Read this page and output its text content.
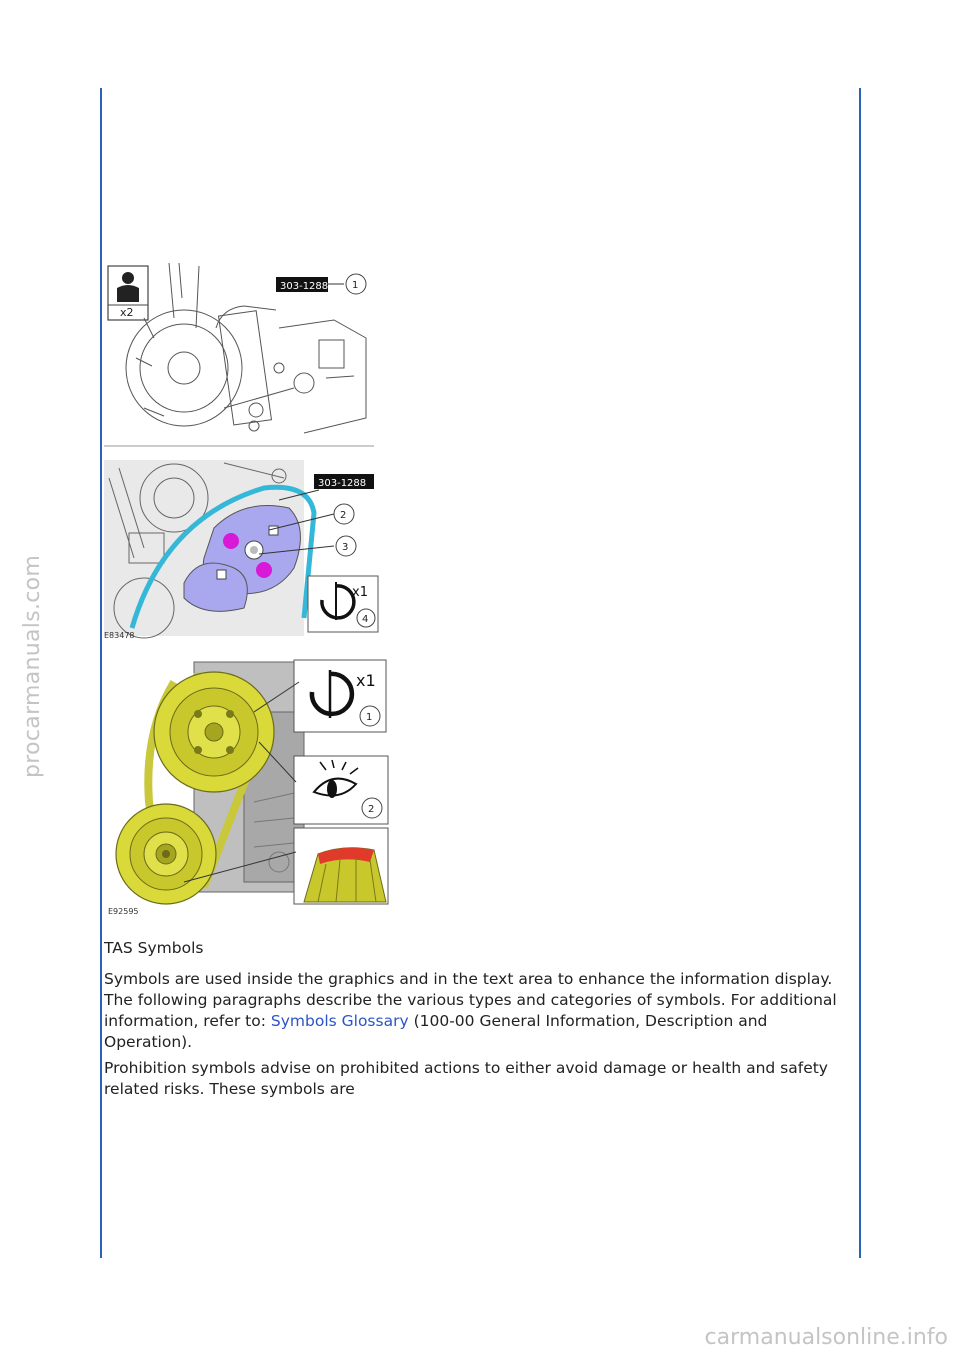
procarmanuals.com
carmanualsonline.info
x2
303-1288 1
303-1288
2
3
x1
4
E83478
x1
1
2
E92595
TAS Symbols
Symbols are used inside the graphics and in the text area to enhance the information display. The following paragraphs describe the various types and categories of symbols. For additional information, refer to: Symbols Glossary (100-00 General Information, Description and Operation).
Prohibition symbols advise on prohibited actions to either avoid damage or health and safety related risks. These symbols are
